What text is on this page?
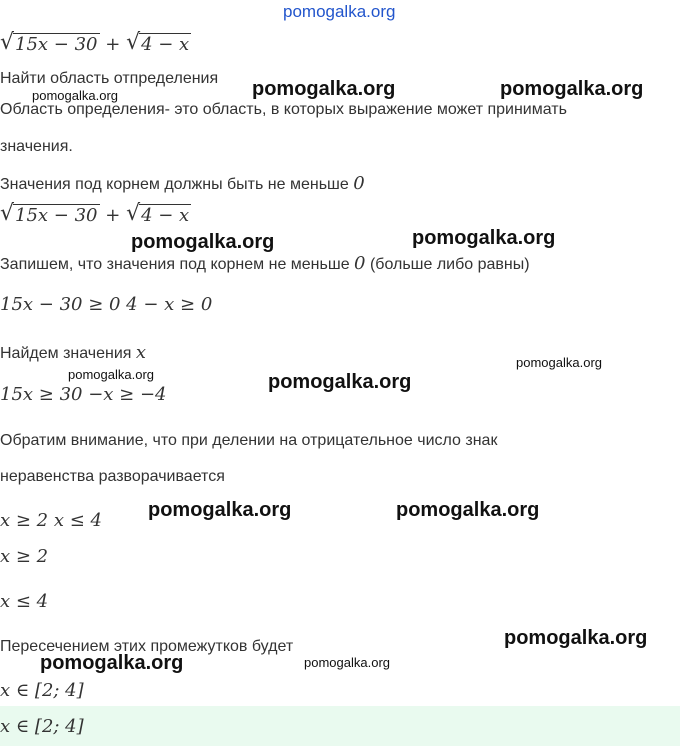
pomogalka.org
√ 15x − 30 + √ 4 − x
Найти область отпределения
Область определения- это область, в которых выражение может принимать
значения.
Значения под корнем должны быть не меньше 0
√ 15x − 30 + √ 4 − x
Запишем, что значения под корнем не меньше 0 (больше либо равны)
15x − 30 ≥ 0 4 − x ≥ 0
Найдем значения x
15x ≥ 30 −x ≥ −4
Обратим внимание, что при делении на отрицательное число знак
неравенства разворачивается
x ≥ 2 x ≤ 4
x ≥ 2
x ≤ 4
Пересечением этих промежутков будет
x ∈ [2; 4]
x ∈ [2; 4]
pomogalka.org	pomogalka.org	pomogalka.org
pomogalka.org	pomogalka.org
pomogalka.org
pomogalka.org	pomogalka.org
pomogalka.org	pomogalka.org
pomogalka.org
pomogalka.org	pomogalka.org
